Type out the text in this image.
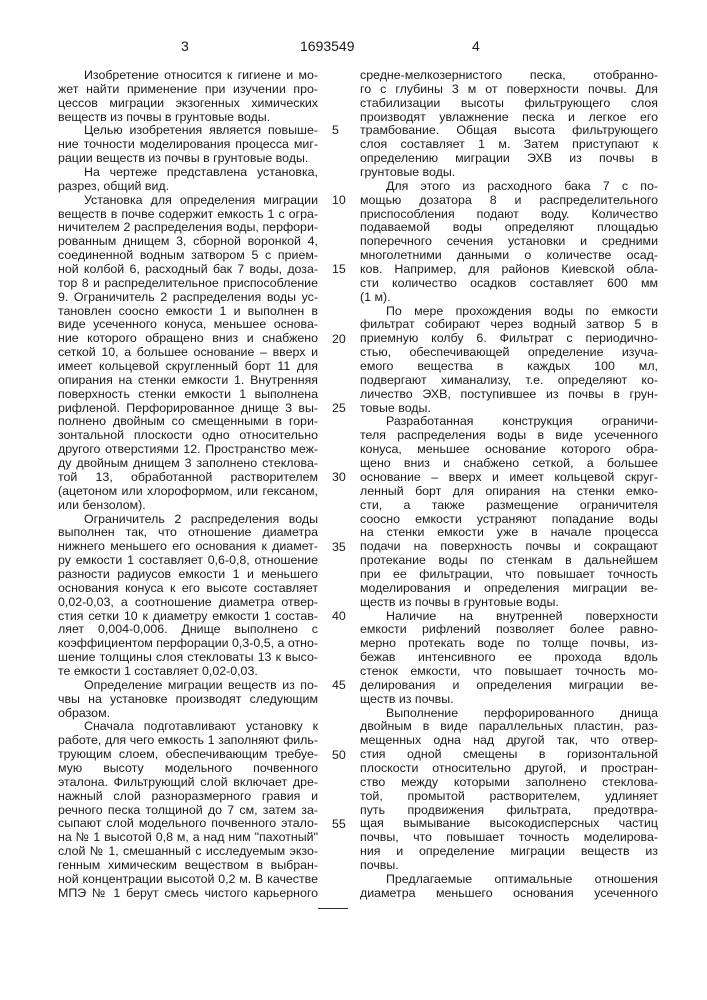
3	1693549	4
Изобретение относится к гигиене и мо-
жет найти применение при изучении про-
цессов миграции экзогенных химических
веществ из почвы в грунтовые воды.
Целью изобретения является повыше-
ние точности моделирования процесса миг-
рации веществ из почвы в грунтовые воды.
На чертеже представлена установка,
разрез, общий вид.
Установка для определения миграции
веществ в почве содержит емкость 1 с огра-
ничителем 2 распределения воды, перфори-
рованным днищем 3, сборной воронкой 4,
соединенной водным затвором 5 с прием-
ной колбой 6, расходный бак 7 воды, доза-
тор 8 и распределительное приспособление
9. Ограничитель 2 распределения воды ус-
тановлен соосно емкости 1 и выполнен в
виде усеченного конуса, меньшее основа-
ние которого обращено вниз и снабжено
сеткой 10, а большее основание – вверх и
имеет кольцевой скругленный борт 11 для
опирания на стенки емкости 1. Внутренняя
поверхность стенки емкости 1 выполнена
рифленой. Перфорированное днище 3 вы-
полнено двойным со смещенными в гори-
зонтальной плоскости одно относительно
другого отверстиями 12. Пространство меж-
ду двойным днищем 3 заполнено стеклова-
той 13, обработанной растворителем
(ацетоном или хлороформом, или гексаном,
или бензолом).
Ограничитель 2 распределения воды
выполнен так, что отношение диаметра
нижнего меньшего его основания к диамет-
ру емкости 1 составляет 0,6-0,8, отношение
разности радиусов емкости 1 и меньшего
основания конуса к его высоте составляет
0,02-0,03, а соотношение диаметра отвер-
стия сетки 10 к диаметру емкости 1 состав-
ляет 0,004-0,006. Днище выполнено с
коэффициентом перфорации 0,3-0,5, а отно-
шение толщины слоя стекловаты 13 к высо-
те емкости 1 составляет 0,02-0,03.
Определение миграции веществ из по-
чвы на установке производят следующим
образом.
Сначала подготавливают установку к
работе, для чего емкость 1 заполняют филь-
трующим слоем, обеспечивающим требуе-
мую высоту модельного почвенного
эталона. Фильтрующий слой включает дре-
нажный слой разноразмерного гравия и
речного песка толщиной до 7 см, затем за-
сыпают слой модельного почвенного этало-
на № 1 высотой 0,8 м, а над ним "пахотный"
слой № 1, смешанный с исследуемым экзо-
генным химическим веществом в выбран-
ной концентрации высотой 0,2 м. В качестве
МПЭ № 1 берут смесь чистого карьерного
5
10
15
20
25
30
35
40
45
50
55
средне-мелкозернистого песка, отобранно-
го с глубины 3 м от поверхности почвы. Для
стабилизации высоты фильтрующего слоя
производят увлажнение песка и легкое его
трамбование. Общая высота фильтрующего
слоя составляет 1 м. Затем приступают к
определению миграции ЭХВ из почвы в
грунтовые воды.
Для этого из расходного бака 7 с по-
мощью дозатора 8 и распределительного
приспособления подают воду. Количество
подаваемой воды определяют площадью
поперечного сечения установки и средними
многолетними данными о количестве осад-
ков. Например, для районов Киевской обла-
сти количество осадков составляет 600 мм
(1 м).
По мере прохождения воды по емкости
фильтрат собирают через водный затвор 5 в
приемную колбу 6. Фильтрат с периодично-
стью, обеспечивающей определение изуча-
емого вещества в каждых 100 мл,
подвергают химанализу, т.е. определяют ко-
личество ЭХВ, поступившее из почвы в грун-
товые воды.
Разработанная конструкция ограничи-
теля распределения воды в виде усеченного
конуса, меньшее основание которого обра-
щено вниз и снабжено сеткой, а большее
основание – вверх и имеет кольцевой скруг-
ленный борт для опирания на стенки емко-
сти, а также размещение ограничителя
соосно емкости устраняют попадание воды
на стенки емкости уже в начале процесса
подачи на поверхность почвы и сокращают
протекание воды по стенкам в дальнейшем
при ее фильтрации, что повышает точность
моделирования и определения миграции ве-
ществ из почвы в грунтовые воды.
Наличие на внутренней поверхности
емкости рифлений позволяет более равно-
мерно протекать воде по толще почвы, из-
бежав интенсивного ее прохода вдоль
стенок емкости, что повышает точность мо-
делирования и определения миграции ве-
ществ из почвы.
Выполнение перфорированного днища
двойным в виде параллельных пластин, раз-
мещенных одна над другой так, что отвер-
стия одной смещены в горизонтальной
плоскости относительно другой, и простран-
ство между которыми заполнено стеклова-
той, промытой растворителем, удлиняет
путь продвижения фильтрата, предотвра-
щая вымывание высокодисперсных частиц
почвы, что повышает точность моделирова-
ния и определение миграции веществ из
почвы.
Предлагаемые оптимальные отношения
диаметра меньшего основания усеченного
